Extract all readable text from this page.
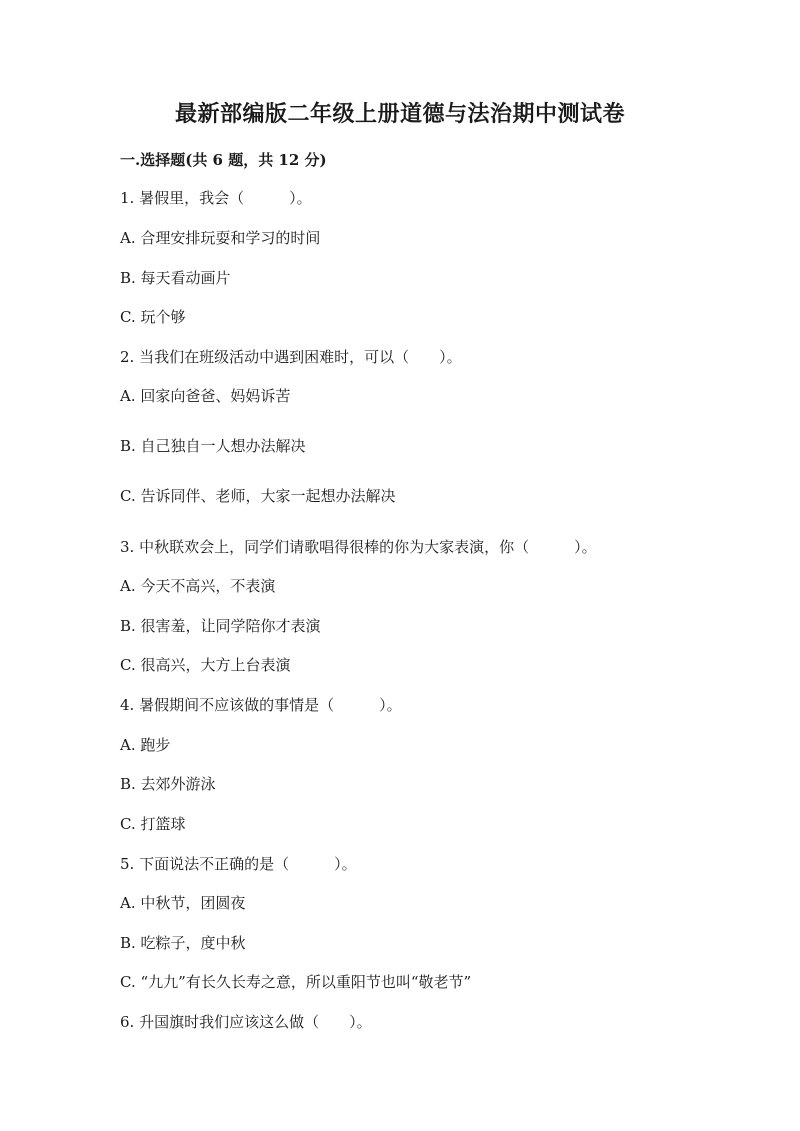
最新部编版二年级上册道德与法治期中测试卷
一.选择题(共 6 题，共 12 分)
1. 暑假里，我会（　　　）。
A. 合理安排玩耍和学习的时间
B. 每天看动画片
C. 玩个够
2. 当我们在班级活动中遇到困难时，可以（　　）。
A. 回家向爸爸、妈妈诉苦
B. 自己独自一人想办法解决
C. 告诉同伴、老师，大家一起想办法解决
3. 中秋联欢会上，同学们请歌唱得很棒的你为大家表演，你（　　　）。
A. 今天不高兴，不表演
B. 很害羞，让同学陪你才表演
C. 很高兴，大方上台表演
4. 暑假期间不应该做的事情是（　　　）。
A. 跑步
B. 去郊外游泳
C. 打篮球
5. 下面说法不正确的是（　　　）。
A. 中秋节，团圆夜
B. 吃粽子，度中秋
C. “九九”有长久长寿之意，所以重阳节也叫“敬老节”
6. 升国旗时我们应该这么做（　　）。
